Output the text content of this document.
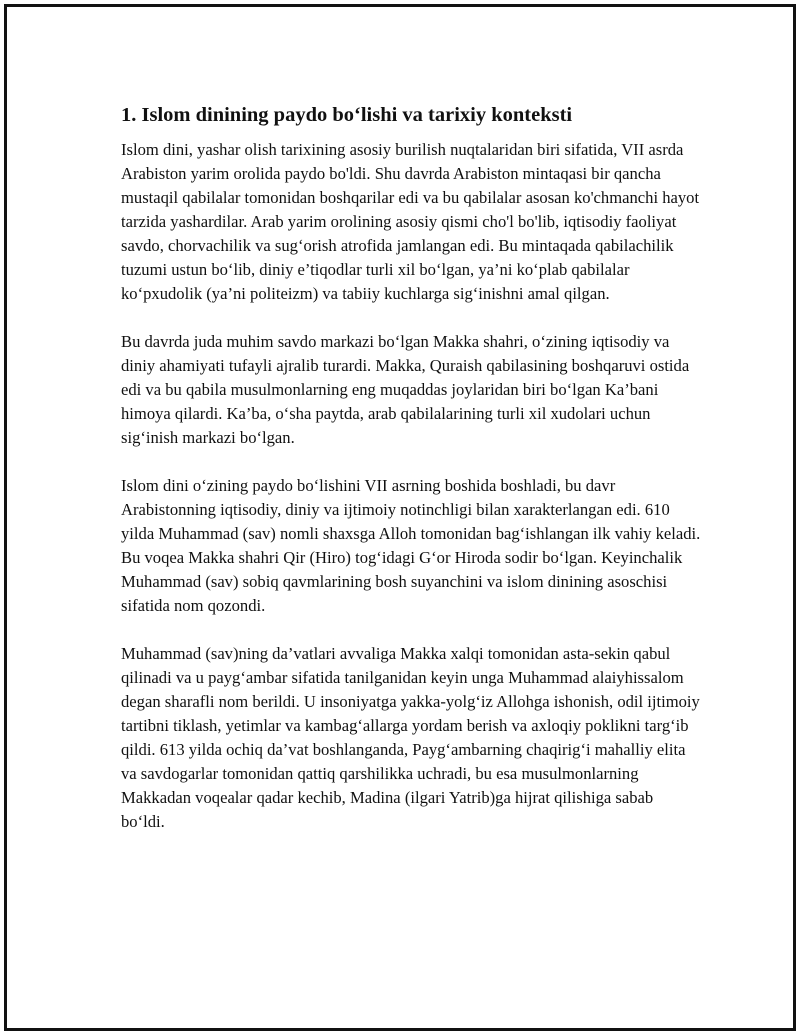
1. Islom dinining paydo bo‘lishi va tarixiy konteksti

Islom dini, yashar olish tarixining asosiy burilish nuqtalaridan biri sifatida, VII asrda Arabiston yarim orolida paydo bo'ldi. Shu davrda Arabiston mintaqasi bir qancha mustaqil qabilalar tomonidan boshqarilar edi va bu qabilalar asosan ko'chmanchi hayot tarzida yashardilar. Arab yarim orolining asosiy qismi cho'l bo'lib, iqtisodiy faoliyat savdo, chorvachilik va sug‘orish atrofida jamlangan edi. Bu mintaqada qabilachilik tuzumi ustun bo‘lib, diniy e’tiqodlar turli xil bo‘lgan, ya’ni ko‘plab qabilalar ko‘pxudolik (ya’ni politeizm) va tabiiy kuchlarga sig‘inishni amal qilgan.

Bu davrda juda muhim savdo markazi bo‘lgan Makka shahri, o‘zining iqtisodiy va diniy ahamiyati tufayli ajralib turardi. Makka, Quraish qabilasining boshqaruvi ostida edi va bu qabila musulmonlarning eng muqaddas joylaridan biri bo‘lgan Ka’bani himoya qilardi. Ka’ba, o‘sha paytda, arab qabilalarining turli xil xudolari uchun sig‘inish markazi bo‘lgan.

Islom dini o‘zining paydo bo‘lishini VII asrning boshida boshladi, bu davr Arabistonning iqtisodiy, diniy va ijtimoiy notinchligi bilan xarakterlangan edi. 610 yilda Muhammad (sav) nomli shaxsga Alloh tomonidan bag‘ishlangan ilk vahiy keladi. Bu voqea Makka shahri Qir (Hiro) tog‘idagi G‘or Hiroda sodir bo‘lgan. Keyinchalik Muhammad (sav) sobiq qavmlarining bosh suyanchini va islom dinining asoschisi sifatida nom qozondi.

Muhammad (sav)ning da’vatlari avvaliga Makka xalqi tomonidan asta-sekin qabul qilinadi va u payg‘ambar sifatida tanilganidan keyin unga Muhammad alaiyhissalom degan sharafli nom berildi. U insoniyatga yakka-yolg‘iz Allohga ishonish, odil ijtimoiy tartibni tiklash, yetimlar va kambag‘allarga yordam berish va axloqiy poklikni targ‘ib qildi. 613 yilda ochiq da’vat boshlanganda, Payg‘ambarning chaqirig‘i mahalliy elita va savdogarlar tomonidan qattiq qarshilikka uchradi, bu esa musulmonlarning Makkadan voqealar qadar kechib, Madina (ilgari Yatrib)ga hijrat qilishiga sabab bo‘ldi.
